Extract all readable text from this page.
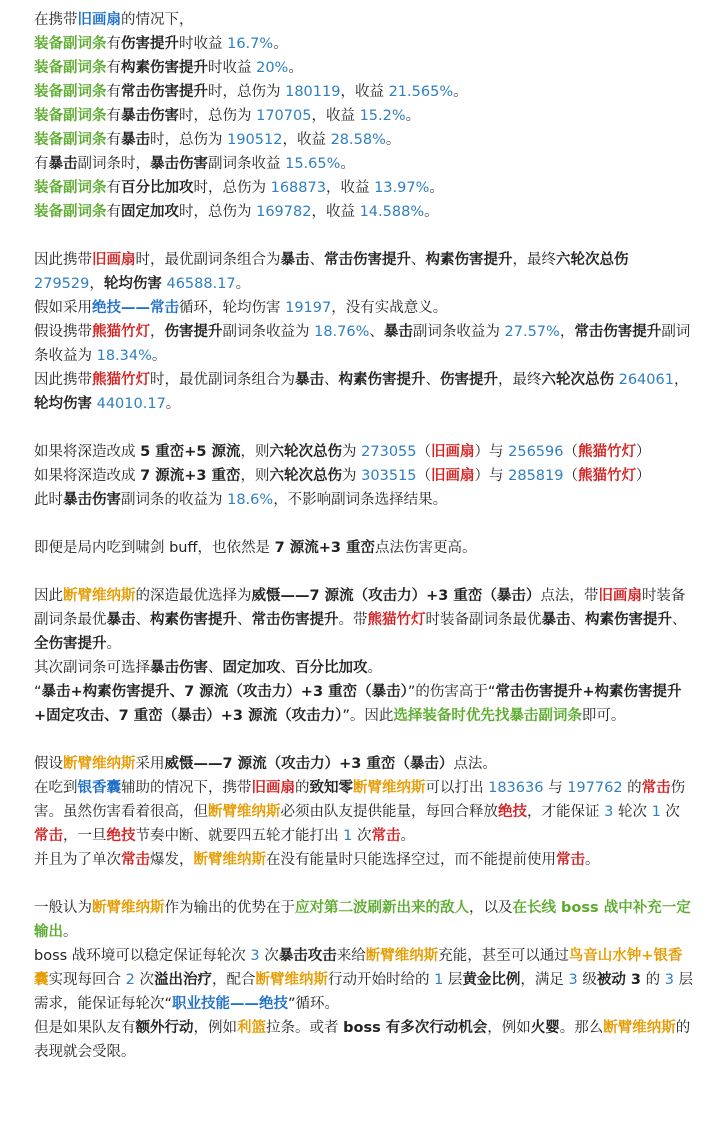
在携带旧画扇的情况下，
装备副词条有伤害提升时收益 16.7%。
装备副词条有构素伤害提升时收益 20%。
装备副词条有常击伤害提升时，总伤为 180119，收益 21.565%。
装备副词条有暴击伤害时，总伤为 170705，收益 15.2%。
装备副词条有暴击时，总伤为 190512，收益 28.58%。
有暴击副词条时，暴击伤害副词条收益 15.65%。
装备副词条有百分比加攻时，总伤为 168873，收益 13.97%。
装备副词条有固定加攻时，总伤为 169782，收益 14.588%。
因此携带旧画扇时，最优副词条组合为暴击、常击伤害提升、构素伤害提升，最终六轮次总伤 279529，轮均伤害 46588.17。
假如采用绝技——常击循环，轮均伤害 19197，没有实战意义。
假设携带熊猫竹灯，伤害提升副词条收益为 18.76%、暴击副词条收益为 27.57%，常击伤害提升副词条收益为 18.34%。
因此携带熊猫竹灯时，最优副词条组合为暴击、构素伤害提升、伤害提升，最终六轮次总伤 264061，轮均伤害 44010.17。
如果将深造改成 5 重峦+5 源流，则六轮次总伤为 273055（旧画扇）与 256596（熊猫竹灯）
如果将深造改成 7 源流+3 重峦，则六轮次总伤为 303515（旧画扇）与 285819（熊猫竹灯）
此时暴击伤害副词条的收益为 18.6%，不影响副词条选择结果。
即便是局内吃到啸剑 buff，也依然是 7 源流+3 重峦点法伤害更高。
因此断臂维纳斯的深造最优选择为威慑——7 源流（攻击力）+3 重峦（暴击）点法，带旧画扇时装备副词条最优暴击、构素伤害提升、常击伤害提升。带熊猫竹灯时装备副词条最优暴击、构素伤害提升、全伤害提升。
其次副词条可选择暴击伤害、固定加攻、百分比加攻。
“暴击+构素伤害提升、7 源流（攻击力）+3 重峦（暴击）”的伤害高于“常击伤害提升+构素伤害提升+固定攻击、7 重峦（暴击）+3 源流（攻击力）”。因此选择装备时优先找暴击副词条即可。
假设断臂维纳斯采用威慑——7 源流（攻击力）+3 重峦（暴击）点法。
在吃到银香囊辅助的情况下，携带旧画扇的致知零断臂维纳斯可以打出 183636 与 197762 的常击伤害。虽然伤害看着很高，但断臂维纳斯必须由队友提供能量，每回合释放绝技，才能保证 3 轮次 1 次常击，一旦绝技节奏中断、就要四五轮才能打出 1 次常击。
并且为了单次常击爆发，断臂维纳斯在没有能量时只能选择空过，而不能提前使用常击。
一般认为断臂维纳斯作为输出的优势在于应对第二波刷新出来的敌人，以及在长线 boss 战中补充一定输出。
boss 战环境可以稳定保证每轮次 3 次暴击攻击来给断臂维纳斯充能，甚至可以通过鸟音山水钟+银香囊实现每回合 2 次溢出治疗，配合断臂维纳斯行动开始时给的 1 层黄金比例，满足 3 级被动 3 的 3 层需求，能保证每轮次“职业技能——绝技”循环。
但是如果队友有额外行动，例如利篮拉条。或者 boss 有多次行动机会，例如火婴。那么断臂维纳斯的表现就会受限。
